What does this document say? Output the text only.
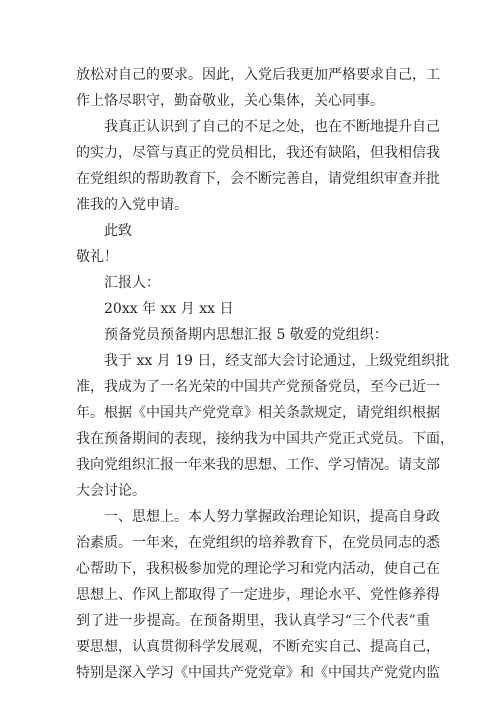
放松对自己的要求。因此，入党后我更加严格要求自己，工
作上恪尽职守，勤奋敬业，关心集体，关心同事。
我真正认识到了自己的不足之处，也在不断地提升自己
的实力，尽管与真正的党员相比，我还有缺陷，但我相信我
在党组织的帮助教育下，会不断完善自，请党组织审查并批
准我的入党申请。
此致
敬礼！
汇报人：
20xx 年 xx 月 xx 日
预备党员预备期内思想汇报 5 敬爱的党组织：
我于 xx 月 19 日，经支部大会讨论通过，上级党组织批
准，我成为了一名光荣的中国共产党预备党员，至今已近一
年。根据《中国共产党党章》相关条款规定，请党组织根据
我在预备期间的表现，接纳我为中国共产党正式党员。下面，
我向党组织汇报一年来我的思想、工作、学习情况。请支部
大会讨论。
一、思想上。本人努力掌握政治理论知识，提高自身政
治素质。一年来，在党组织的培养教育下，在党员同志的悉
心帮助下，我积极参加党的理论学习和党内活动，使自己在
思想上、作风上都取得了一定进步，理论水平、党性修养得
到了进一步提高。在预备期里，我认真学习“三个代表”重
要思想，认真贯彻科学发展观，不断充实自己、提高自己，
特别是深入学习《中国共产党党章》和《中国共产党党内监
